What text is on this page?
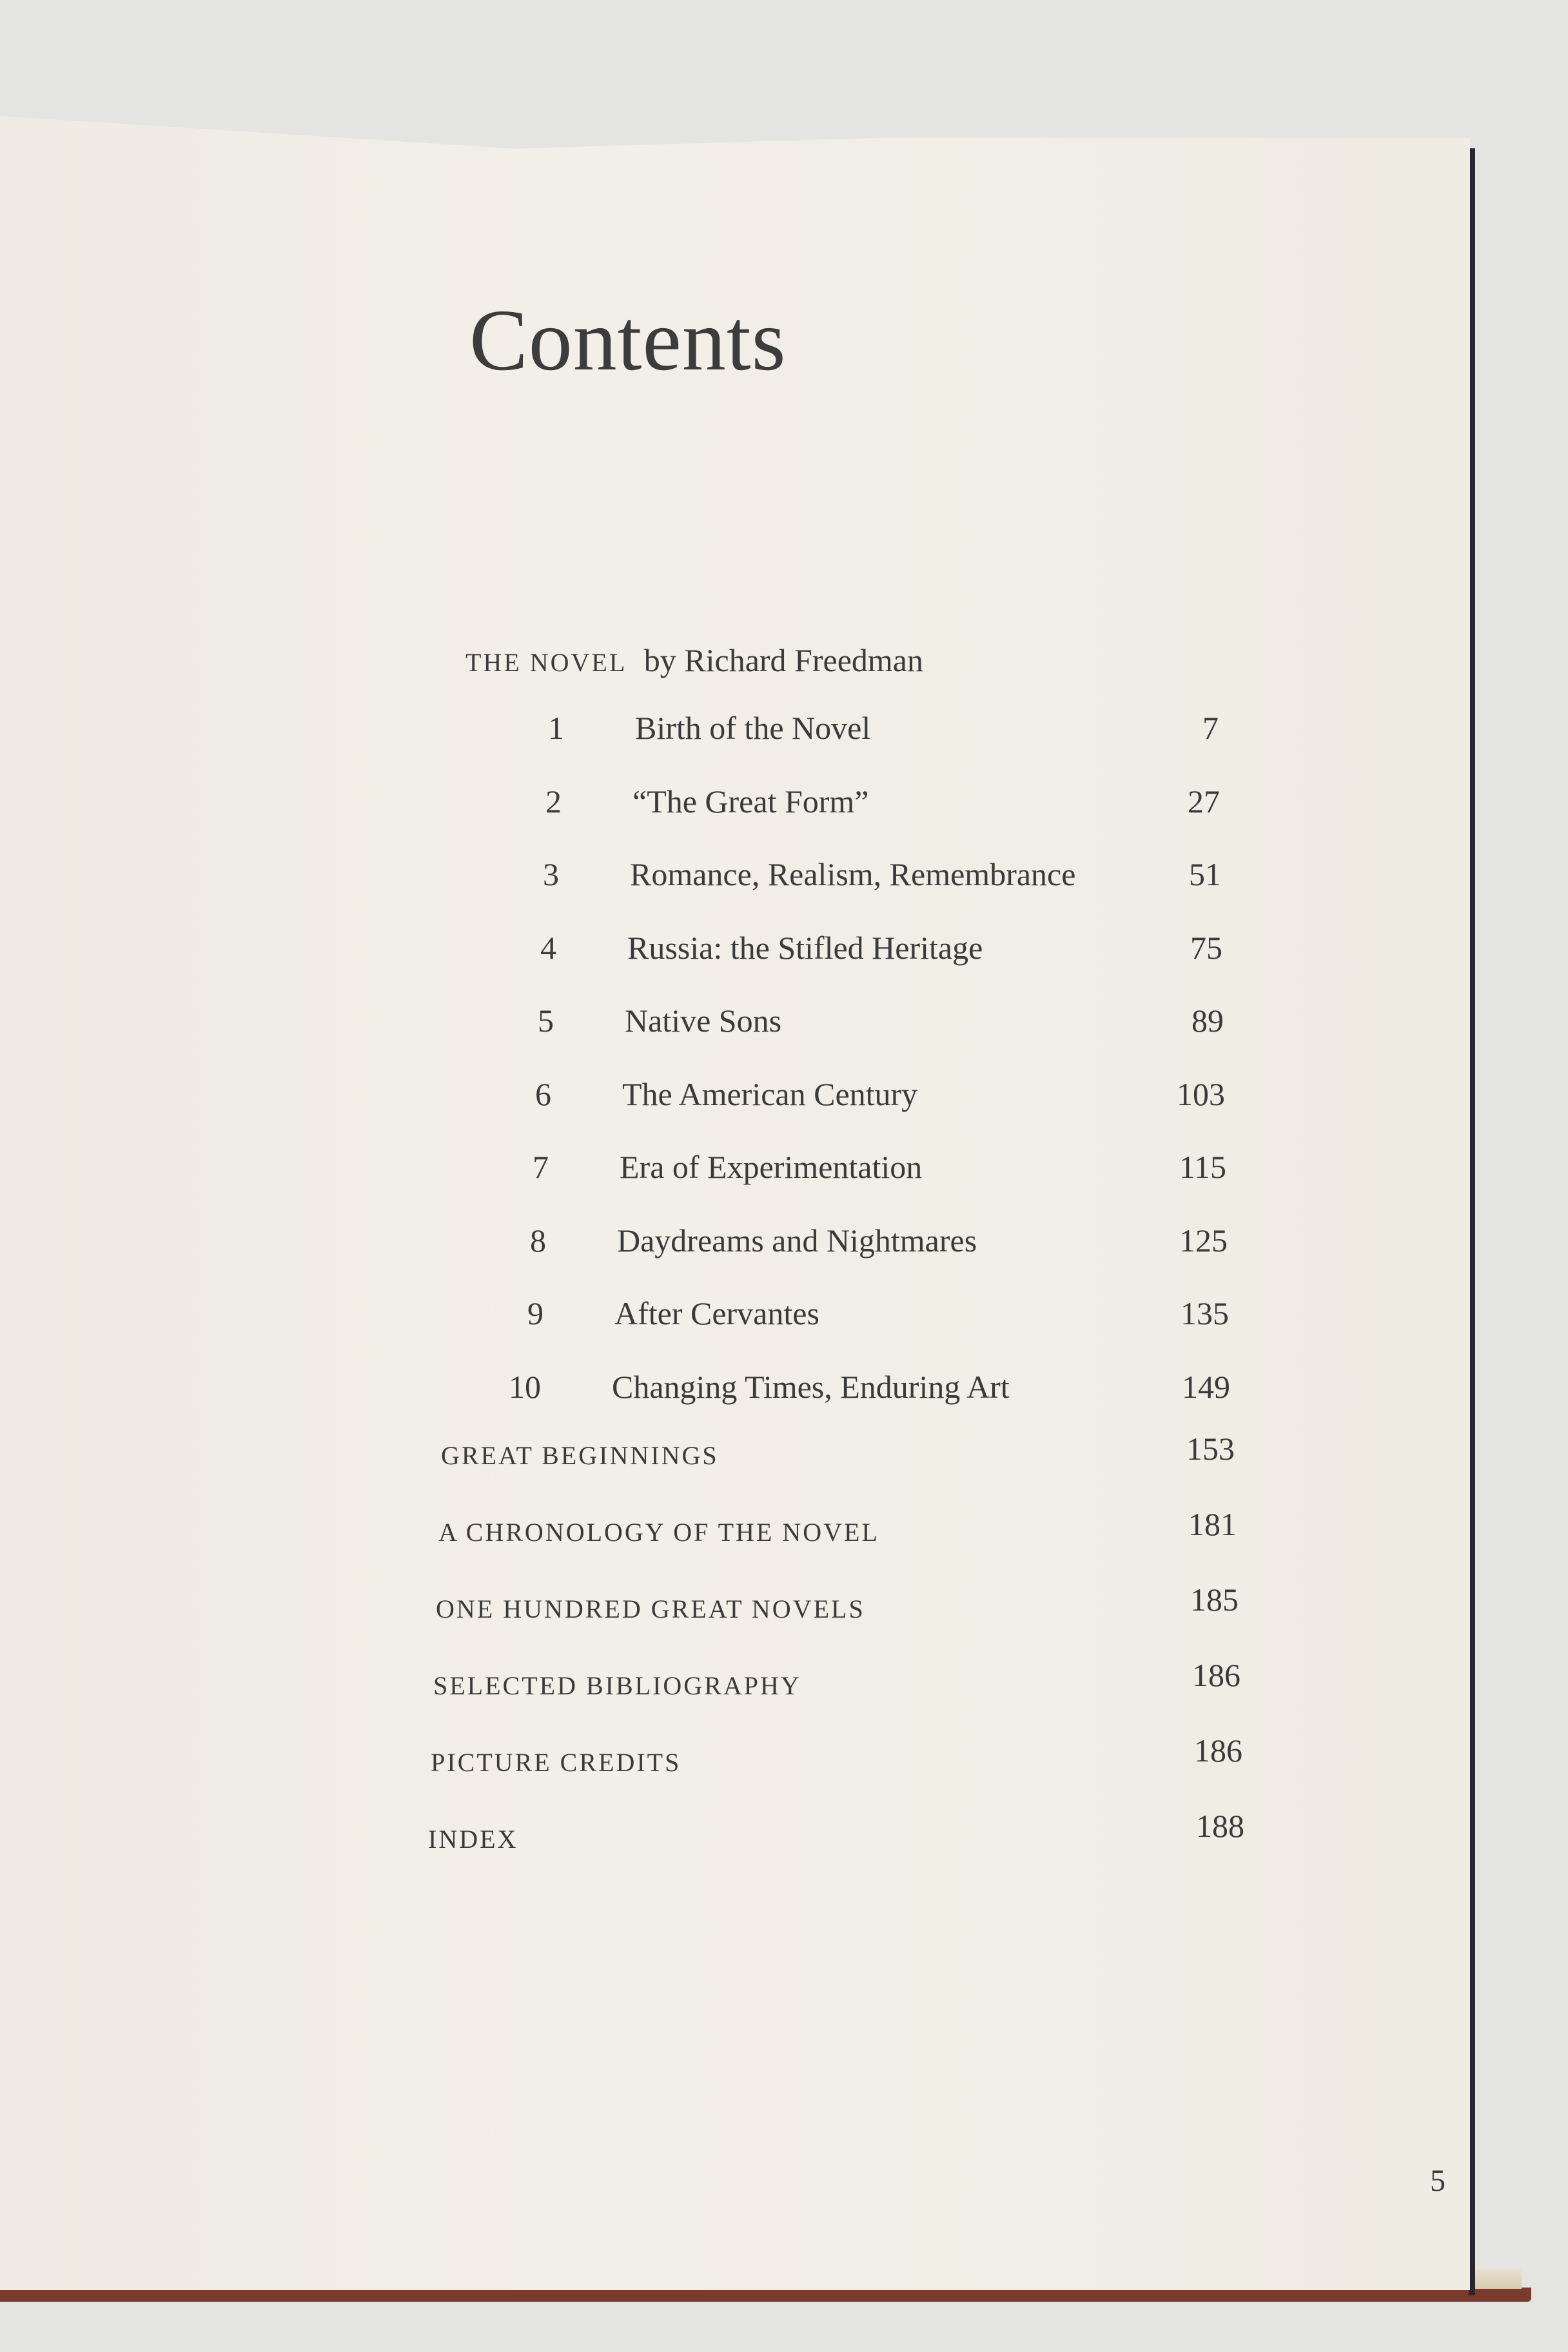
Contents
THE NOVEL by Richard Freedman
1 Birth of the Novel	7
2 “The Great Form”	27
3 Romance, Realism, Remembrance	51
4 Russia: the Stifled Heritage	75
5 Native Sons	89
6 The American Century	103
7 Era of Experimentation	115
8 Daydreams and Nightmares	125
9 After Cervantes	135
10 Changing Times, Enduring Art	149
GREAT BEGINNINGS	153
A CHRONOLOGY OF THE NOVEL	181
ONE HUNDRED GREAT NOVELS	185
SELECTED BIBLIOGRAPHY	186
PICTURE CREDITS	186
INDEX	188
5
